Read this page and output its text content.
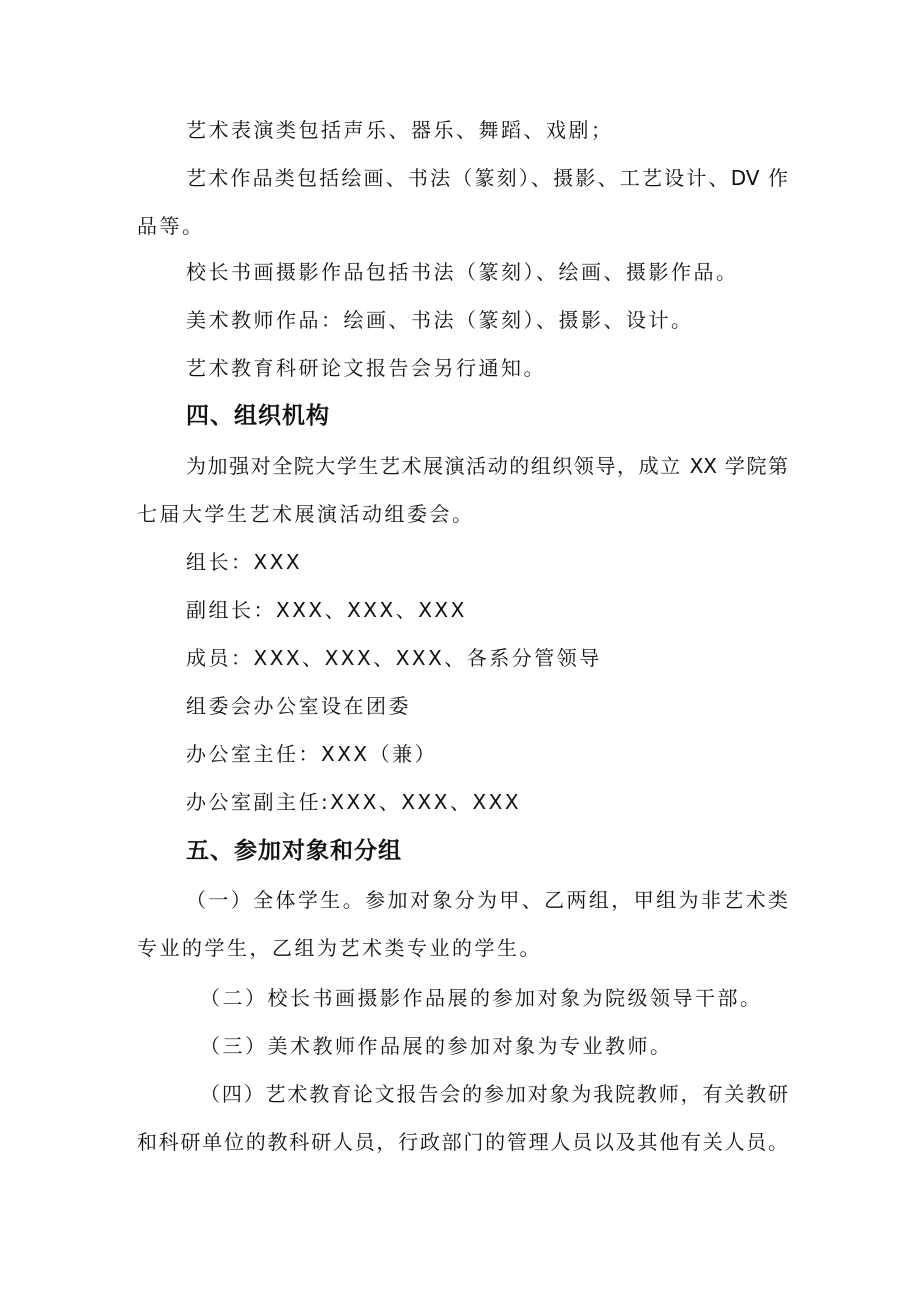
艺术表演类包括声乐、器乐、舞蹈、戏剧；
艺术作品类包括绘画、书法（篆刻）、摄影、工艺设计、DV 作
品等。
校长书画摄影作品包括书法（篆刻）、绘画、摄影作品。
美术教师作品：绘画、书法（篆刻）、摄影、设计。
艺术教育科研论文报告会另行通知。
四、组织机构
为加强对全院大学生艺术展演活动的组织领导，成立 XX 学院第
七届大学生艺术展演活动组委会。
组长：XXX
副组长：XXX、XXX、XXX
成员：XXX、XXX、XXX、各系分管领导
组委会办公室设在团委
办公室主任：XXX（兼）
办公室副主任:XXX、XXX、XXX
五、参加对象和分组
（一）全体学生。参加对象分为甲、乙两组，甲组为非艺术类
专业的学生，乙组为艺术类专业的学生。
（二）校长书画摄影作品展的参加对象为院级领导干部。
（三）美术教师作品展的参加对象为专业教师。
（四）艺术教育论文报告会的参加对象为我院教师，有关教研
和科研单位的教科研人员，行政部门的管理人员以及其他有关人员。
